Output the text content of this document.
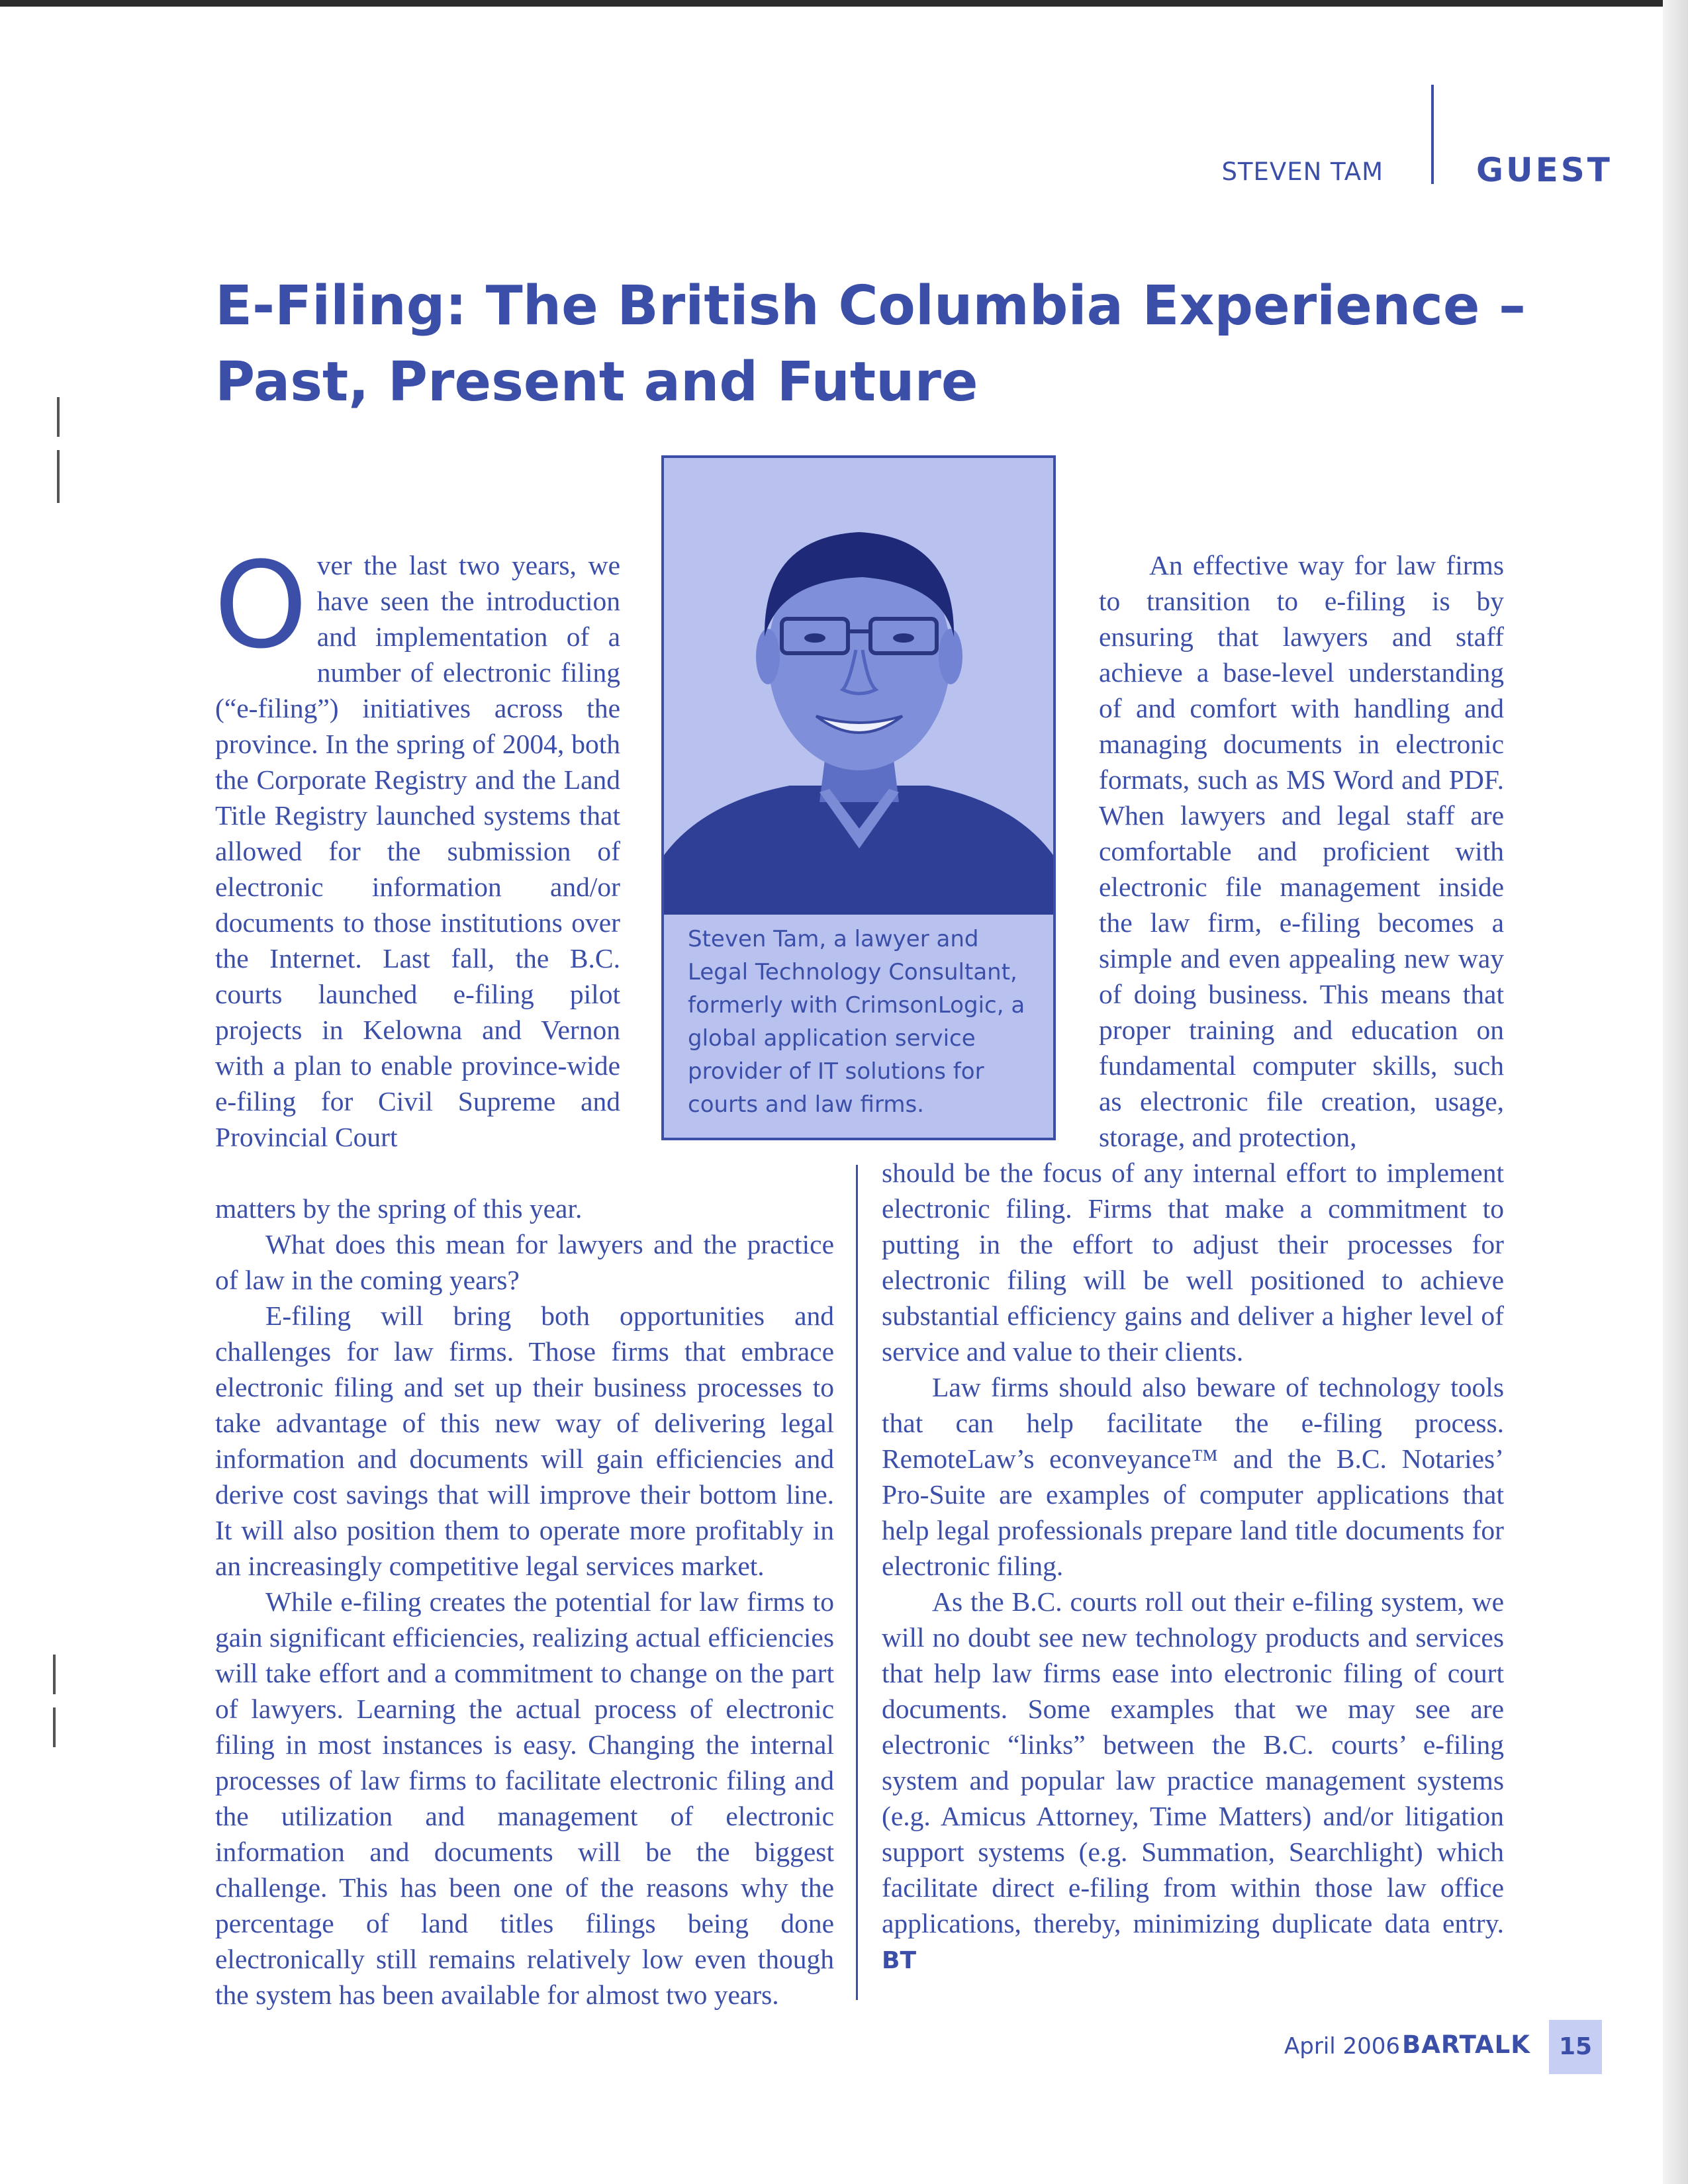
STEVEN TAM	GUEST
E-Filing: The British Columbia Experience –
Past, Present and Future

Over the last two years, we have seen the introduction and implementation of a number of electronic filing (“e-filing”) initiatives across the province. In the spring of 2004, both the Corporate Registry and the Land Title Registry launched systems that allowed for the submission of electronic information and/or documents to those institutions over the Internet. Last fall, the B.C. courts launched e-filing pilot projects in Kelowna and Vernon with a plan to enable province-wide e-filing for Civil Supreme and Provincial Court

matters by the spring of this year.

What does this mean for lawyers and the practice of law in the coming years?

E-filing will bring both opportunities and challenges for law firms. Those firms that embrace electronic filing and set up their business processes to take advantage of this new way of delivering legal information and documents will gain efficiencies and derive cost savings that will improve their bottom line. It will also position them to operate more profitably in an increasingly competitive legal services market.

While e-filing creates the potential for law firms to gain significant efficiencies, realizing actual efficiencies will take effort and a commitment to change on the part of lawyers. Learning the actual process of electronic filing in most instances is easy. Changing the internal processes of law firms to facilitate electronic filing and the utilization and management of electronic information and documents will be the biggest challenge. This has been one of the reasons why the percentage of land titles filings being done electronically still remains relatively low even though the system has been available for almost two years.

Steven Tam, a lawyer and Legal Technology Consultant, formerly with CrimsonLogic, a global application service provider of IT solutions for courts and law firms.

An effective way for law firms to transition to e-filing is by ensuring that lawyers and staff achieve a base-level understanding of and comfort with handling and managing documents in electronic formats, such as MS Word and PDF. When lawyers and legal staff are comfortable and proficient with electronic file management inside the law firm, e-filing becomes a simple and even appealing new way of doing business. This means that proper training and education on fundamental computer skills, such as electronic file creation, usage, storage, and protection,

should be the focus of any internal effort to implement electronic filing. Firms that make a commitment to putting in the effort to adjust their processes for electronic filing will be well positioned to achieve substantial efficiency gains and deliver a higher level of service and value to their clients.

Law firms should also beware of technology tools that can help facilitate the e-filing process. RemoteLaw’s econveyance™ and the B.C. Notaries’ Pro-Suite are examples of computer applications that help legal professionals prepare land title documents for electronic filing.

As the B.C. courts roll out their e-filing system, we will no doubt see new technology products and services that help law firms ease into electronic filing of court documents. Some examples that we may see are electronic “links” between the B.C. courts’ e-filing system and popular law practice management systems (e.g. Amicus Attorney, Time Matters) and/or litigation support systems (e.g. Summation, Searchlight) which facilitate direct e-filing from within those law office applications, thereby, minimizing duplicate data entry. BT

April 2006 BARTALK	15
